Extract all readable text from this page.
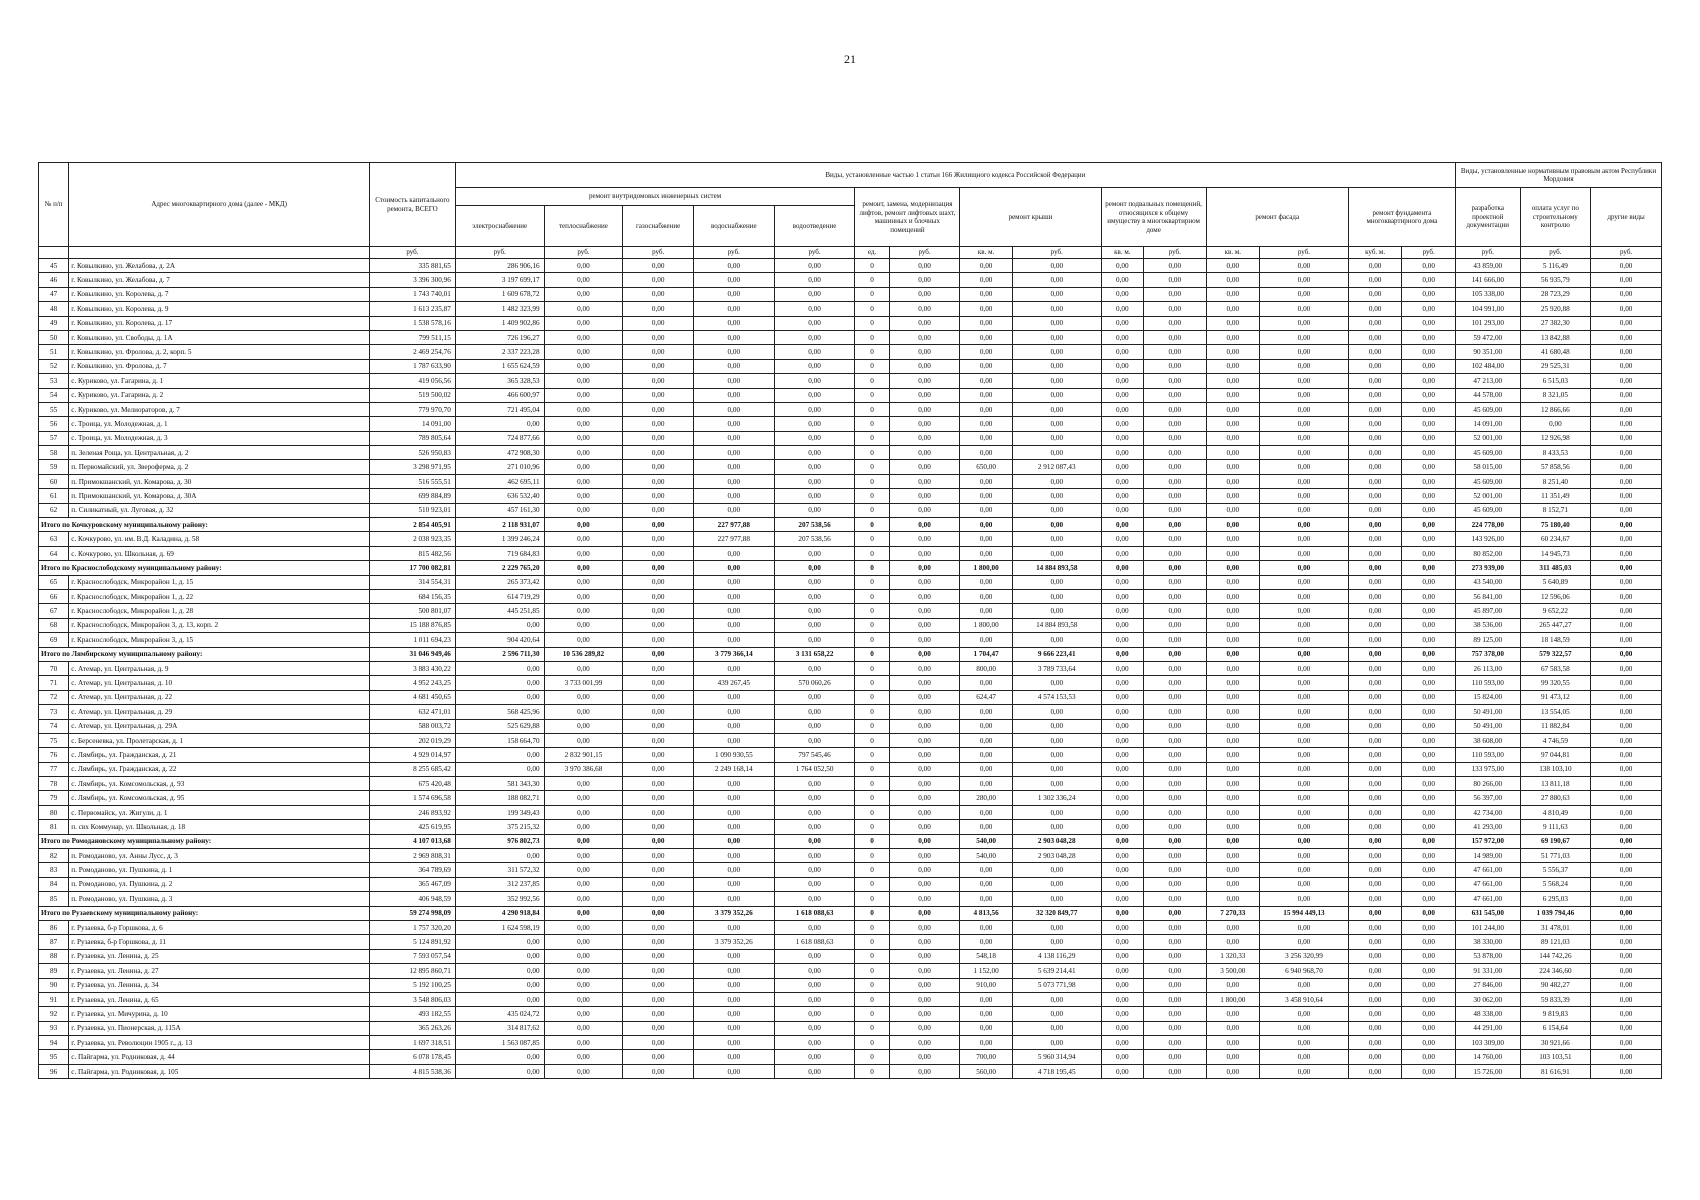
21
№ п/п	Адрес многоквартирного дома (далее - МКД)	Стоимость капитального ремонта, ВСЕГО	Виды, установленные частью 1 статьи 166 Жилищного кодекса Российской Федерации															Виды, установленные нормативным правовым актом Республики Мордовия		
			ремонт внутридомовых инженерных систем					ремонт, замена, модернизация лифтов, ремонт лифтовых шахт, машинных и блочных помещений		ремонт крыши		ремонт подвальных помещений, относящихся к общему имуществу в многоквартирном доме		ремонт фасада		ремонт фундамента многоквартирного дома		разработка проектной документации	оплата услуг по строительному контролю	другие виды
			электроснабжение	теплоснабжение	газоснабжение	водоснабжение	водоотведение													
		руб.	руб.	руб.	руб.	руб.	руб.	ед.	руб.	кв. м.	руб.	кв. м.	руб.	кв. м.	руб.	куб. м.	руб.	руб.	руб.	руб.
45	г. Ковылкино, ул. Желабова, д. 2А	335 881,65	286 906,16	0,00	0,00	0,00	0,00	0	0,00	0,00	0,00	0,00	0,00	0,00	0,00	0,00	0,00	43 859,00	5 116,49	0,00
46	г. Ковылкино, ул. Желабова, д. 7	3 396 300,96	3 197 699,17	0,00	0,00	0,00	0,00	0	0,00	0,00	0,00	0,00	0,00	0,00	0,00	0,00	0,00	141 666,00	56 935,79	0,00
47	г. Ковылкино, ул. Королева, д. 7	1 743 740,01	1 609 678,72	0,00	0,00	0,00	0,00	0	0,00	0,00	0,00	0,00	0,00	0,00	0,00	0,00	0,00	105 338,00	28 723,29	0,00
48	г. Ковылкино, ул. Королева, д. 9	1 613 235,87	1 482 323,99	0,00	0,00	0,00	0,00	0	0,00	0,00	0,00	0,00	0,00	0,00	0,00	0,00	0,00	104 991,00	25 920,88	0,00
49	г. Ковылкино, ул. Королева, д. 17	1 538 578,16	1 409 902,86	0,00	0,00	0,00	0,00	0	0,00	0,00	0,00	0,00	0,00	0,00	0,00	0,00	0,00	101 293,00	27 382,30	0,00
50	г. Ковылкино, ул. Свободы, д. 1А	799 511,15	726 196,27	0,00	0,00	0,00	0,00	0	0,00	0,00	0,00	0,00	0,00	0,00	0,00	0,00	0,00	59 472,00	13 842,88	0,00
51	г. Ковылкино, ул. Фролова, д. 2, корп. 5	2 469 254,76	2 337 223,28	0,00	0,00	0,00	0,00	0	0,00	0,00	0,00	0,00	0,00	0,00	0,00	0,00	0,00	90 351,00	41 680,48	0,00
52	г. Ковылкино, ул. Фролова, д. 7	1 787 633,90	1 655 624,59	0,00	0,00	0,00	0,00	0	0,00	0,00	0,00	0,00	0,00	0,00	0,00	0,00	0,00	102 484,00	29 525,31	0,00
53	с. Куриково, ул. Гагарина, д. 1	419 056,56	365 328,53	0,00	0,00	0,00	0,00	0	0,00	0,00	0,00	0,00	0,00	0,00	0,00	0,00	0,00	47 213,00	6 515,03	0,00
54	с. Куриково, ул. Гагарина, д. 2	519 500,02	466 600,97	0,00	0,00	0,00	0,00	0	0,00	0,00	0,00	0,00	0,00	0,00	0,00	0,00	0,00	44 578,00	8 321,05	0,00
55	с. Куриково, ул. Мелиораторов, д. 7	779 970,70	721 495,04	0,00	0,00	0,00	0,00	0	0,00	0,00	0,00	0,00	0,00	0,00	0,00	0,00	0,00	45 609,00	12 866,66	0,00
56	с. Троица, ул. Молодежная, д. 1	14 091,00	0,00	0,00	0,00	0,00	0,00	0	0,00	0,00	0,00	0,00	0,00	0,00	0,00	0,00	0,00	14 091,00	0,00	0,00
57	с. Троица, ул. Молодежная, д. 3	789 805,64	724 877,66	0,00	0,00	0,00	0,00	0	0,00	0,00	0,00	0,00	0,00	0,00	0,00	0,00	0,00	52 001,00	12 926,98	0,00
58	п. Зеленая Роща, ул. Центральная, д. 2	526 950,83	472 908,30	0,00	0,00	0,00	0,00	0	0,00	0,00	0,00	0,00	0,00	0,00	0,00	0,00	0,00	45 609,00	8 433,53	0,00
59	п. Первомайский, ул. Звероферма, д. 2	3 298 971,95	271 010,96	0,00	0,00	0,00	0,00	0	0,00	650,00	2 912 087,43	0,00	0,00	0,00	0,00	0,00	0,00	58 015,00	57 858,56	0,00
60	п. Примокшанский, ул. Комарова, д. 30	516 555,51	462 695,11	0,00	0,00	0,00	0,00	0	0,00	0,00	0,00	0,00	0,00	0,00	0,00	0,00	0,00	45 609,00	8 251,40	0,00
61	п. Примокшанский, ул. Комарова, д. 30А	699 884,89	636 532,40	0,00	0,00	0,00	0,00	0	0,00	0,00	0,00	0,00	0,00	0,00	0,00	0,00	0,00	52 001,00	11 351,49	0,00
62	п. Силикатный, ул. Луговая, д. 32	510 923,01	457 161,30	0,00	0,00	0,00	0,00	0	0,00	0,00	0,00	0,00	0,00	0,00	0,00	0,00	0,00	45 609,00	8 152,71	0,00
Итого по Кочкуровскому муниципальному району:		2 854 405,91	2 118 931,07	0,00	0,00	227 977,88	207 538,56	0	0,00	0,00	0,00	0,00	0,00	0,00	0,00	0,00	0,00	224 778,00	75 180,40	0,00
63	с. Кочкурово, ул. им. В.Д. Каладина, д. 58	2 038 923,35	1 399 246,24	0,00	0,00	227 977,88	207 538,56	0	0,00	0,00	0,00	0,00	0,00	0,00	0,00	0,00	0,00	143 926,00	60 234,67	0,00
64	с. Кочкурово, ул. Школьная, д. 69	815 482,56	719 684,83	0,00	0,00	0,00	0,00	0	0,00	0,00	0,00	0,00	0,00	0,00	0,00	0,00	0,00	80 852,00	14 945,73	0,00
Итого по Краснослободскому муниципальному району:		17 700 082,81	2 229 765,20	0,00	0,00	0,00	0,00	0	0,00	1 800,00	14 884 893,58	0,00	0,00	0,00	0,00	0,00	0,00	273 939,00	311 485,03	0,00
65	г. Краснослободск, Микрорайон 1, д. 15	314 554,31	265 373,42	0,00	0,00	0,00	0,00	0	0,00	0,00	0,00	0,00	0,00	0,00	0,00	0,00	0,00	43 540,00	5 640,89	0,00
66	г. Краснослободск, Микрорайон 1, д. 22	684 156,35	614 719,29	0,00	0,00	0,00	0,00	0	0,00	0,00	0,00	0,00	0,00	0,00	0,00	0,00	0,00	56 841,00	12 596,06	0,00
67	г. Краснослободск, Микрорайон 1, д. 28	500 801,07	445 251,85	0,00	0,00	0,00	0,00	0	0,00	0,00	0,00	0,00	0,00	0,00	0,00	0,00	0,00	45 897,00	9 652,22	0,00
68	г. Краснослободск, Микрорайон 3, д. 13, корп. 2	15 188 876,85	0,00	0,00	0,00	0,00	0,00	0	0,00	1 800,00	14 884 893,58	0,00	0,00	0,00	0,00	0,00	0,00	38 536,00	265 447,27	0,00
69	г. Краснослободск, Микрорайон 3, д. 15	1 011 694,23	904 420,64	0,00	0,00	0,00	0,00	0	0,00	0,00	0,00	0,00	0,00	0,00	0,00	0,00	0,00	89 125,00	18 148,59	0,00
Итого по Лямбирскому муниципальному району:		31 046 949,46	2 596 711,30	10 536 289,82	0,00	3 779 366,14	3 131 658,22	0	0,00	1 704,47	9 666 223,41	0,00	0,00	0,00	0,00	0,00	0,00	757 378,00	579 322,57	0,00
70	с. Атемар, ул. Центральная, д. 9	3 883 430,22	0,00	0,00	0,00	0,00	0,00	0	0,00	800,00	3 789 733,64	0,00	0,00	0,00	0,00	0,00	0,00	26 113,00	67 583,58	0,00
71	с. Атемар, ул. Центральная, д. 10	4 952 243,25	0,00	3 733 001,99	0,00	439 267,45	570 060,26	0	0,00	0,00	0,00	0,00	0,00	0,00	0,00	0,00	0,00	110 593,00	99 320,55	0,00
72	с. Атемар, ул. Центральная, д. 22	4 681 450,65	0,00	0,00	0,00	0,00	0,00	0	0,00	624,47	4 574 153,53	0,00	0,00	0,00	0,00	0,00	0,00	15 824,00	91 473,12	0,00
73	с. Атемар, ул. Центральная, д. 29	632 471,01	568 425,96	0,00	0,00	0,00	0,00	0	0,00	0,00	0,00	0,00	0,00	0,00	0,00	0,00	0,00	50 491,00	13 554,05	0,00
74	с. Атемар, ул. Центральная, д. 29А	588 003,72	525 629,88	0,00	0,00	0,00	0,00	0	0,00	0,00	0,00	0,00	0,00	0,00	0,00	0,00	0,00	50 491,00	11 882,84	0,00
75	с. Берсеневка, ул. Пролетарская, д. 1	202 019,29	158 664,70	0,00	0,00	0,00	0,00	0	0,00	0,00	0,00	0,00	0,00	0,00	0,00	0,00	0,00	38 608,00	4 746,59	0,00
76	с. Лямбирь, ул. Гражданская, д. 21	4 929 014,97	0,00	2 832 901,15	0,00	1 090 930,55	797 545,46	0	0,00	0,00	0,00	0,00	0,00	0,00	0,00	0,00	0,00	110 593,00	97 044,81	0,00
77	с. Лямбирь, ул. Гражданская, д. 22	8 255 685,42	0,00	3 970 386,68	0,00	2 249 168,14	1 764 052,50	0	0,00	0,00	0,00	0,00	0,00	0,00	0,00	0,00	0,00	133 975,00	138 103,10	0,00
78	с. Лямбирь, ул. Комсомольская, д. 93	675 420,48	581 343,30	0,00	0,00	0,00	0,00	0	0,00	0,00	0,00	0,00	0,00	0,00	0,00	0,00	0,00	80 266,00	13 811,18	0,00
79	с. Лямбирь, ул. Комсомольская, д. 95	1 574 696,58	188 082,71	0,00	0,00	0,00	0,00	0	0,00	280,00	1 302 336,24	0,00	0,00	0,00	0,00	0,00	0,00	56 397,00	27 880,63	0,00
80	с. Первомайск, ул. Жигули, д. 1	246 893,92	199 349,43	0,00	0,00	0,00	0,00	0	0,00	0,00	0,00	0,00	0,00	0,00	0,00	0,00	0,00	42 734,00	4 810,49	0,00
81	п. свх Коммунар, ул. Школьная, д. 18	425 619,95	375 215,32	0,00	0,00	0,00	0,00	0	0,00	0,00	0,00	0,00	0,00	0,00	0,00	0,00	0,00	41 293,00	9 111,63	0,00
Итого по Ромодановскому муниципальному району:		4 107 013,68	976 802,73	0,00	0,00	0,00	0,00	0	0,00	540,00	2 903 048,28	0,00	0,00	0,00	0,00	0,00	0,00	157 972,00	69 190,67	0,00
82	п. Ромоданово, ул. Анны Лусс, д. 3	2 969 808,31	0,00	0,00	0,00	0,00	0,00	0	0,00	540,00	2 903 048,28	0,00	0,00	0,00	0,00	0,00	0,00	14 989,00	51 771,03	0,00
83	п. Ромоданово, ул. Пушкина, д. 1	364 789,69	311 572,32	0,00	0,00	0,00	0,00	0	0,00	0,00	0,00	0,00	0,00	0,00	0,00	0,00	0,00	47 661,00	5 556,37	0,00
84	п. Ромоданово, ул. Пушкина, д. 2	365 467,09	312 237,85	0,00	0,00	0,00	0,00	0	0,00	0,00	0,00	0,00	0,00	0,00	0,00	0,00	0,00	47 661,00	5 568,24	0,00
85	п. Ромоданово, ул. Пушкина, д. 3	406 948,59	352 992,56	0,00	0,00	0,00	0,00	0	0,00	0,00	0,00	0,00	0,00	0,00	0,00	0,00	0,00	47 661,00	6 295,03	0,00
Итого по Рузаевскому муниципальному району:		59 274 998,09	4 290 918,84	0,00	0,00	3 379 352,26	1 618 088,63	0	0,00	4 813,56	32 320 849,77	0,00	0,00	7 270,33	15 994 449,13	0,00	0,00	631 545,00	1 039 794,46	0,00
86	г. Рузаевка, б-р Горшкова, д. 6	1 757 320,20	1 624 598,19	0,00	0,00	0,00	0,00	0	0,00	0,00	0,00	0,00	0,00	0,00	0,00	0,00	0,00	101 244,00	31 478,01	0,00
87	г. Рузаевка, б-р Горшкова, д. 11	5 124 891,92	0,00	0,00	0,00	3 379 352,26	1 618 088,63	0	0,00	0,00	0,00	0,00	0,00	0,00	0,00	0,00	0,00	38 330,00	89 121,03	0,00
88	г. Рузаевка, ул. Ленина, д. 25	7 593 057,54	0,00	0,00	0,00	0,00	0,00	0	0,00	548,18	4 138 116,29	0,00	0,00	1 320,33	3 256 320,99	0,00	0,00	53 878,00	144 742,26	0,00
89	г. Рузаевка, ул. Ленина, д. 27	12 895 860,71	0,00	0,00	0,00	0,00	0,00	0	0,00	1 152,00	5 639 214,41	0,00	0,00	3 500,00	6 940 968,70	0,00	0,00	91 331,00	224 346,60	0,00
90	г. Рузаевка, ул. Ленина, д. 34	5 192 100,25	0,00	0,00	0,00	0,00	0,00	0	0,00	910,00	5 073 771,98	0,00	0,00	0,00	0,00	0,00	0,00	27 846,00	90 482,27	0,00
91	г. Рузаевка, ул. Ленина, д. 65	3 548 806,03	0,00	0,00	0,00	0,00	0,00	0	0,00	0,00	0,00	0,00	0,00	1 800,00	3 458 910,64	0,00	0,00	30 062,00	59 833,39	0,00
92	г. Рузаевка, ул. Мичурина, д. 10	493 182,55	435 024,72	0,00	0,00	0,00	0,00	0	0,00	0,00	0,00	0,00	0,00	0,00	0,00	0,00	0,00	48 338,00	9 819,83	0,00
93	г. Рузаевка, ул. Пионерская, д. 115А	365 263,26	314 817,62	0,00	0,00	0,00	0,00	0	0,00	0,00	0,00	0,00	0,00	0,00	0,00	0,00	0,00	44 291,00	6 154,64	0,00
94	г. Рузаевка, ул. Революции 1905 г., д. 13	1 697 318,51	1 563 087,85	0,00	0,00	0,00	0,00	0	0,00	0,00	0,00	0,00	0,00	0,00	0,00	0,00	0,00	103 309,00	30 921,66	0,00
95	с. Пайгарма, ул. Родниковая, д. 44	6 078 178,45	0,00	0,00	0,00	0,00	0,00	0	0,00	700,00	5 960 314,94	0,00	0,00	0,00	0,00	0,00	0,00	14 760,00	103 103,51	0,00
96	с. Пайгарма, ул. Родниковая, д. 105	4 815 538,36	0,00	0,00	0,00	0,00	0,00	0	0,00	560,00	4 718 195,45	0,00	0,00	0,00	0,00	0,00	0,00	15 726,00	81 616,91	0,00
